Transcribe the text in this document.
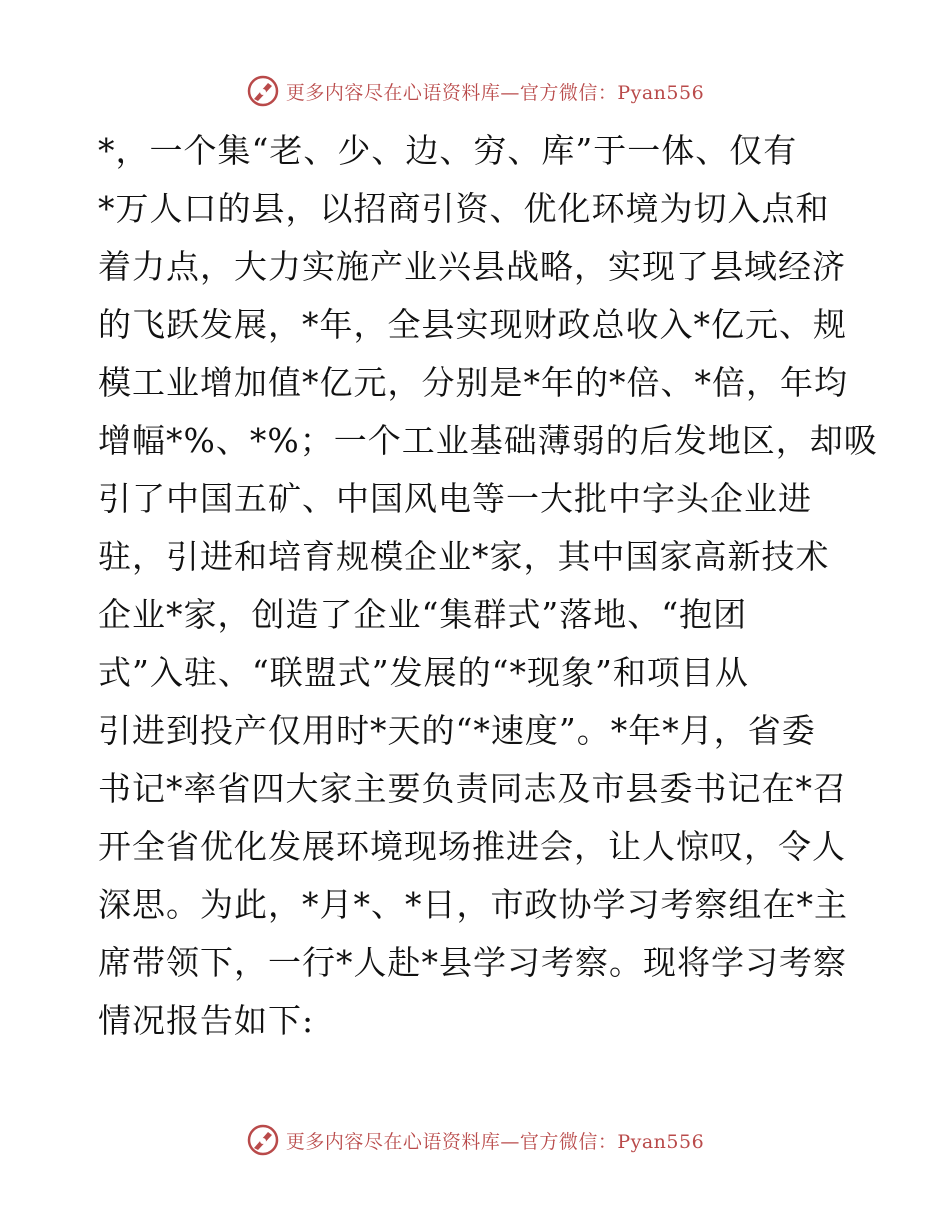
更多内容尽在心语资料库—官方微信：Pyan556
*，一个集“老、少、边、穷、库”于一体、仅有
*万人口的县，以招商引资、优化环境为切入点和
着力点，大力实施产业兴县战略，实现了县域经济
的飞跃发展，*年，全县实现财政总收入*亿元、规
模工业增加值*亿元，分别是*年的*倍、*倍，年均
增幅*%、*%；一个工业基础薄弱的后发地区，却吸
引了中国五矿、中国风电等一大批中字头企业进
驻，引进和培育规模企业*家，其中国家高新技术
企业*家，创造了企业“集群式”落地、“抱团
式”入驻、“联盟式”发展的“*现象”和项目从
引进到投产仅用时*天的“*速度”。*年*月，省委
书记*率省四大家主要负责同志及市县委书记在*召
开全省优化发展环境现场推进会，让人惊叹，令人
深思。为此，*月*、*日，市政协学习考察组在*主
席带领下，一行*人赴*县学习考察。现将学习考察
情况报告如下:
更多内容尽在心语资料库—官方微信：Pyan556
